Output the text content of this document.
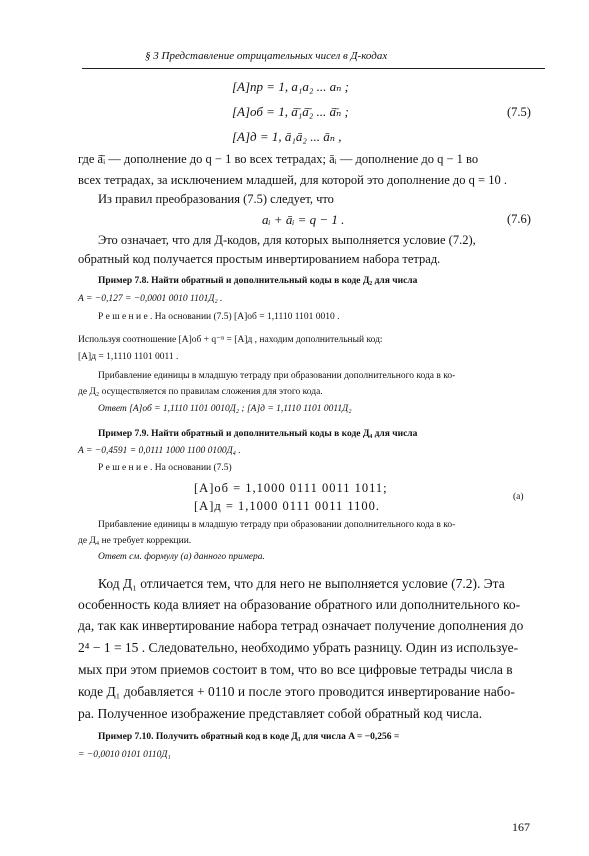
§ 3 Представление отрицательных чисел в Д-кодах
[A]пр = 1, a₁a₂ ... aₙ ;
[A]об = 1, ā̄₁ā̄₂ ... ā̄ₙ ;
[A]д = 1, ā₁ā₂ ... āₙ ,
(7.5)
где ā̄ᵢ — дополнение до q − 1 во всех тетрадах; āᵢ — дополнение до q − 1 во
всех тетрадах, за исключением младшей, для которой это дополнение до q = 10 .
Из правил преобразования (7.5) следует, что
aᵢ + āᵢ = q − 1 .	(7.6)
Это означает, что для Д-кодов, для которых выполняется условие (7.2),
обратный код получается простым инвертированием набора тетрад.
Пример 7.8. Найти обратный и дополнительный коды в коде Д₂ для числа
A = −0,127 = −0,0001 0010 1101Д₂ .
Р е ш е н и е . На основании (7.5) [A]об = 1,1110 1101 0010 .
Используя соотношение [A]об + q⁻ⁿ = [A]д , находим дополнительный код:
[A]д = 1,1110 1101 0011 .
Прибавление единицы в младшую тетраду при образовании дополнительного кода в ко-
де Д₂ осуществляется по правилам сложения для этого кода.
Ответ [A]об = 1,1110 1101 0010Д₂ ; [A]д = 1,1110 1101 0011Д₂
Пример 7.9. Найти обратный и дополнительный коды в коде Д₄ для числа
A = −0,4591 = 0,0111 1000 1100 0100Д₄ .
Р е ш е н и е . На основании (7.5)
[A]об = 1,1000 0111 0011 1011;
[A]д = 1,1000 0111 0011 1100.
(а)
Прибавление единицы в младшую тетраду при образовании дополнительного кода в ко-
де Д₄ не требует коррекции.
Ответ см. формулу (а) данного примера.
Код Д₁ отличается тем, что для него не выполняется условие (7.2). Эта
особенность кода влияет на образование обратного или дополнительного ко-
да, так как инвертирование набора тетрад означает получение дополнения до
2⁴ − 1 = 15 . Следовательно, необходимо убрать разницу. Один из используе-
мых при этом приемов состоит в том, что во все цифровые тетрады числа в
коде Д₁ добавляется + 0110 и после этого проводится инвертирование набо-
ра. Полученное изображение представляет собой обратный код числа.
Пример 7.10. Получить обратный код в коде Д₁ для числа A = −0,256 =
= −0,0010 0101 0110Д₁
167
